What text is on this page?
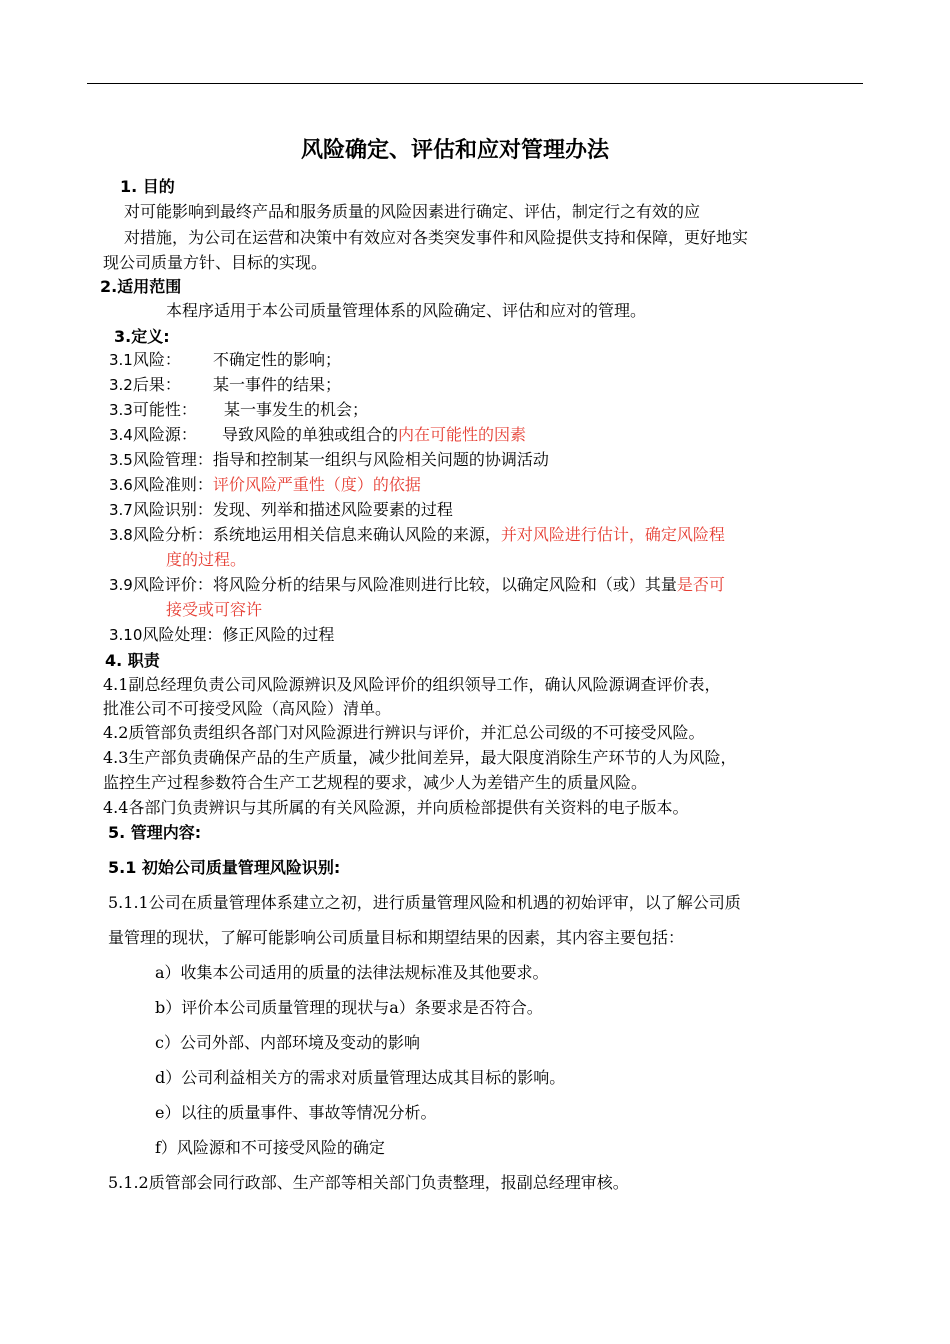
风险确定、评估和应对管理办法
1. 目的
对可能影响到最终产品和服务质量的风险因素进行确定、评估，制定行之有效的应
对措施，为公司在运营和决策中有效应对各类突发事件和风险提供支持和保障，更好地实
现公司质量方针、目标的实现。
2.适用范围
本程序适用于本公司质量管理体系的风险确定、评估和应对的管理。
3.定义:
3.1风险： 不确定性的影响；
3.2后果： 某一事件的结果；
3.3可能性： 某一事发生的机会；
3.4风险源： 导致风险的单独或组合的内在可能性的因素
3.5风险管理：指导和控制某一组织与风险相关问题的协调活动
3.6风险准则：评价风险严重性（度）的依据
3.7风险识别：发现、列举和描述风险要素的过程
3.8风险分析：系统地运用相关信息来确认风险的来源，并对风险进行估计，确定风险程
度的过程。
3.9风险评价：将风险分析的结果与风险准则进行比较，以确定风险和（或）其量是否可
接受或可容许
3.10风险处理：修正风险的过程
4. 职责
4.1副总经理负责公司风险源辨识及风险评价的组织领导工作，确认风险源调查评价表，
批准公司不可接受风险（高风险）清单。
4.2质管部负责组织各部门对风险源进行辨识与评价，并汇总公司级的不可接受风险。
4.3生产部负责确保产品的生产质量，减少批间差异，最大限度消除生产环节的人为风险，
监控生产过程参数符合生产工艺规程的要求，减少人为差错产生的质量风险。
4.4各部门负责辨识与其所属的有关风险源，并向质检部提供有关资料的电子版本。
5. 管理内容:
5.1 初始公司质量管理风险识别:
5.1.1公司在质量管理体系建立之初，进行质量管理风险和机遇的初始评审，以了解公司质
量管理的现状，了解可能影响公司质量目标和期望结果的因素，其内容主要包括：
a）收集本公司适用的质量的法律法规标准及其他要求。
b）评价本公司质量管理的现状与a）条要求是否符合。
c）公司外部、内部环境及变动的影响
d）公司利益相关方的需求对质量管理达成其目标的影响。
e）以往的质量事件、事故等情况分析。
f）风险源和不可接受风险的确定
5.1.2质管部会同行政部、生产部等相关部门负责整理，报副总经理审核。
